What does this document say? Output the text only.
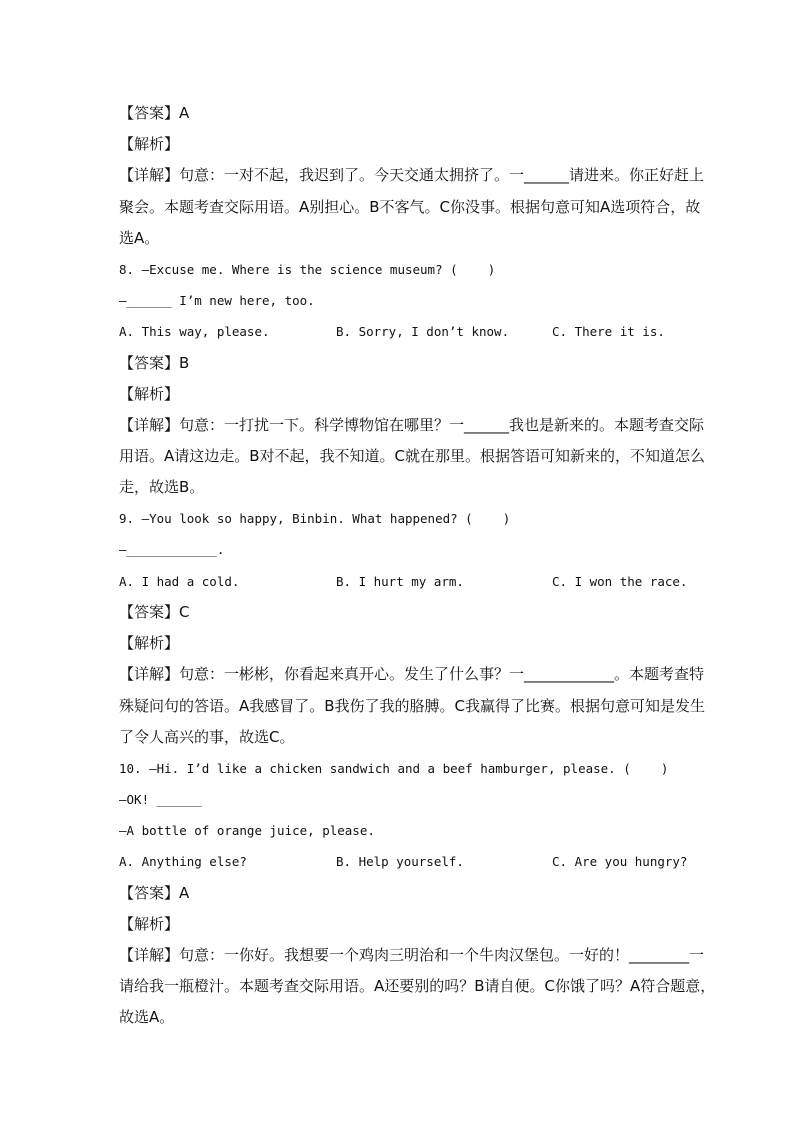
【答案】A
【解析】
【详解】句意：一对不起，我迟到了。今天交通太拥挤了。一______请进来。你正好赶上
聚会。本题考查交际用语。A别担心。B不客气。C你没事。根据句意可知A选项符合，故
选A。
8. —Excuse me. Where is the science museum? (    )
—______ I’m new here, too.
A. This way, please.	B. Sorry, I don’t know.	C. There it is.
【答案】B
【解析】
【详解】句意：一打扰一下。科学博物馆在哪里？一______我也是新来的。本题考查交际
用语。A请这边走。B对不起，我不知道。C就在那里。根据答语可知新来的，不知道怎么
走，故选B。
9. —You look so happy, Binbin. What happened? (    )
—____________.
A. I had a cold.	B. I hurt my arm.	C. I won the race.
【答案】C
【解析】
【详解】句意：一彬彬，你看起来真开心。发生了什么事？一____________。本题考查特
殊疑问句的答语。A我感冒了。B我伤了我的胳膊。C我赢得了比赛。根据句意可知是发生
了令人高兴的事，故选C。
10. —Hi. I’d like a chicken sandwich and a beef hamburger, please. (    )
—OK! ______
—A bottle of orange juice, please.
A. Anything else?	B. Help yourself.	C. Are you hungry?
【答案】A
【解析】
【详解】句意：一你好。我想要一个鸡肉三明治和一个牛肉汉堡包。一好的！________一
请给我一瓶橙汁。本题考查交际用语。A还要别的吗？B请自便。C你饿了吗？A符合题意，
故选A。
